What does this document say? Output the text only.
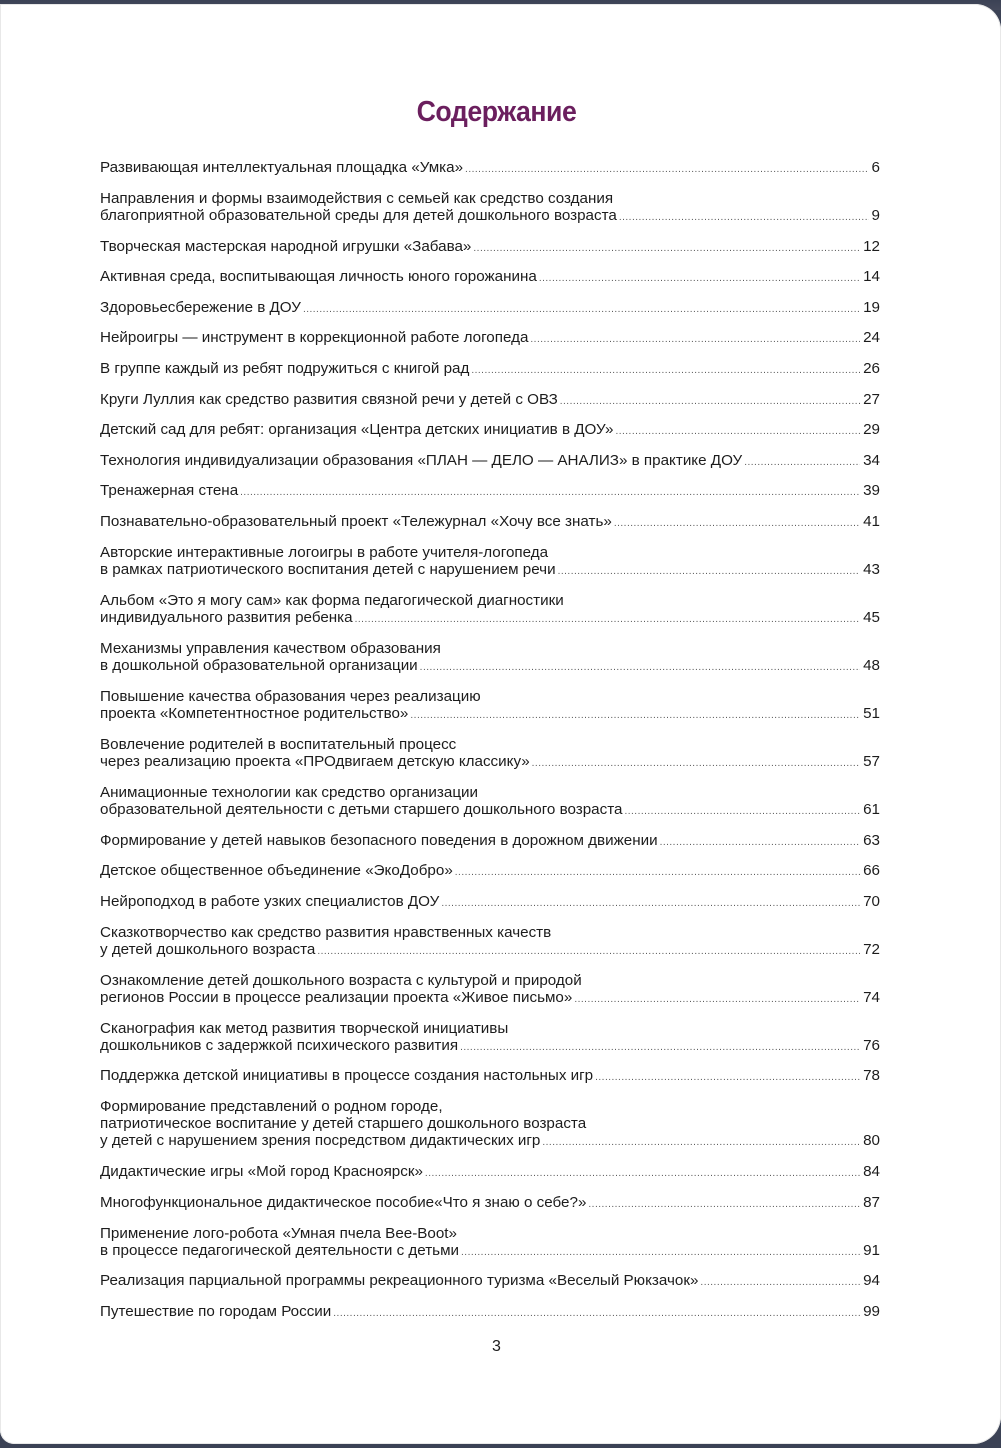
Содержание
Развивающая интеллектуальная площадка «Умка» .....	6
Направления и формы взаимодействия с семьей как средство создания
благоприятной образовательной среды для детей дошкольного возраста .....	9
Творческая мастерская народной игрушки «Забава» .....	12
Активная среда, воспитывающая личность юного горожанина .....	14
Здоровьесбережение в ДОУ .....	19
Нейроигры — инструмент в коррекционной работе логопеда .....	24
В группе каждый из ребят подружиться с книгой рад .....	26
Круги Луллия как средство развития связной речи у детей с ОВЗ .....	27
Детский сад для ребят: организация «Центра детских инициатив в ДОУ» .....	29
Технология индивидуализации образования «ПЛАН — ДЕЛО — АНАЛИЗ» в практике ДОУ .....	34
Тренажерная стена .....	39
Познавательно-образовательный проект «Тележурнал «Хочу все знать» .....	41
Авторские интерактивные логоигры в работе учителя-логопеда
в рамках патриотического воспитания детей с нарушением речи .....	43
Альбом «Это я могу сам» как форма педагогической диагностики
индивидуального развития ребенка .....	45
Механизмы управления качеством образования
в дошкольной образовательной организации .....	48
Повышение качества образования через реализацию
проекта «Компетентностное родительство» .....	51
Вовлечение родителей в воспитательный процесс
через реализацию проекта «ПРОдвигаем детскую классику» .....	57
Анимационные технологии как средство организации
образовательной деятельности с детьми старшего дошкольного возраста .....	61
Формирование у детей навыков безопасного поведения в дорожном движении .....	63
Детское общественное объединение «ЭкоДобро» .....	66
Нейроподход в работе узких специалистов ДОУ .....	70
Сказкотворчество как средство развития нравственных качеств
у детей дошкольного возраста .....	72
Ознакомление детей дошкольного возраста с культурой и природой
регионов России в процессе реализации проекта «Живое письмо» .....	74
Сканография как метод развития творческой инициативы
дошкольников с задержкой психического развития .....	76
Поддержка детской инициативы в процессе создания настольных игр .....	78
Формирование представлений о родном городе,
патриотическое воспитание у детей старшего дошкольного возраста
у детей с нарушением зрения посредством дидактических игр .....	80
Дидактические игры «Мой город Красноярск» .....	84
Многофункциональное дидактическое пособие«Что я знаю о себе?» .....	87
Применение лого-робота «Умная пчела Bee-Boot»
в процессе педагогической деятельности с детьми .....	91
Реализация парциальной программы рекреационного туризма «Веселый Рюкзачок» .....	94
Путешествие по городам России .....	99
3
